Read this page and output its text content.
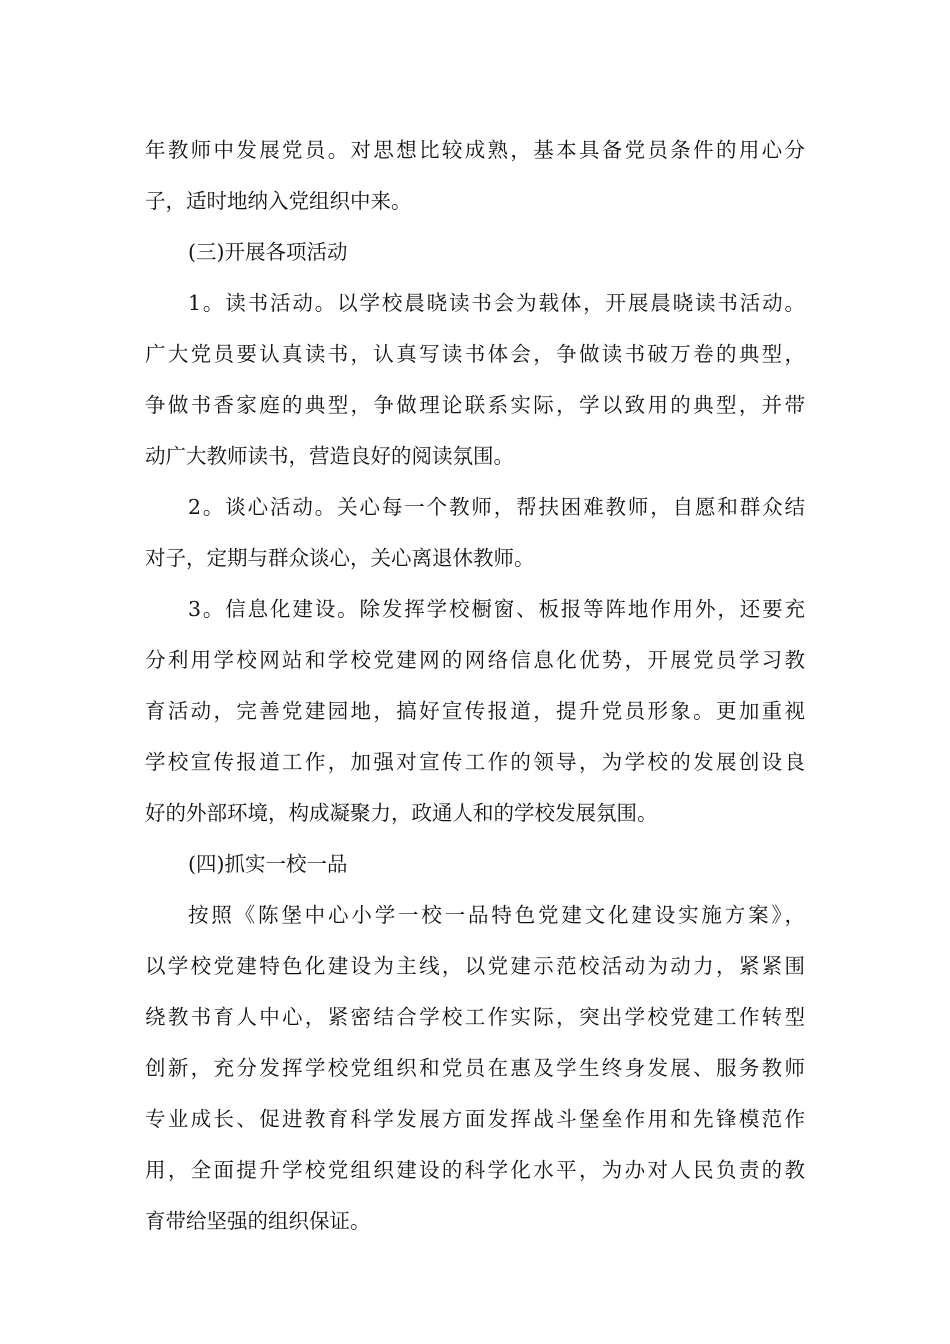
年教师中发展党员。对思想比较成熟，基本具备党员条件的用心分

子，适时地纳入党组织中来。

(三)开展各项活动

1。读书活动。以学校晨晓读书会为载体，开展晨晓读书活动。

广大党员要认真读书，认真写读书体会，争做读书破万卷的典型，

争做书香家庭的典型，争做理论联系实际，学以致用的典型，并带

动广大教师读书，营造良好的阅读氛围。

2。谈心活动。关心每一个教师，帮扶困难教师，自愿和群众结

对子，定期与群众谈心，关心离退休教师。

3。信息化建设。除发挥学校橱窗、板报等阵地作用外，还要充

分利用学校网站和学校党建网的网络信息化优势，开展党员学习教

育活动，完善党建园地，搞好宣传报道，提升党员形象。更加重视

学校宣传报道工作，加强对宣传工作的领导，为学校的发展创设良

好的外部环境，构成凝聚力，政通人和的学校发展氛围。

(四)抓实一校一品

按照《陈堡中心小学一校一品特色党建文化建设实施方案》，

以学校党建特色化建设为主线，以党建示范校活动为动力，紧紧围

绕教书育人中心，紧密结合学校工作实际，突出学校党建工作转型

创新，充分发挥学校党组织和党员在惠及学生终身发展、服务教师

专业成长、促进教育科学发展方面发挥战斗堡垒作用和先锋模范作

用，全面提升学校党组织建设的科学化水平，为办对人民负责的教

育带给坚强的组织保证。
